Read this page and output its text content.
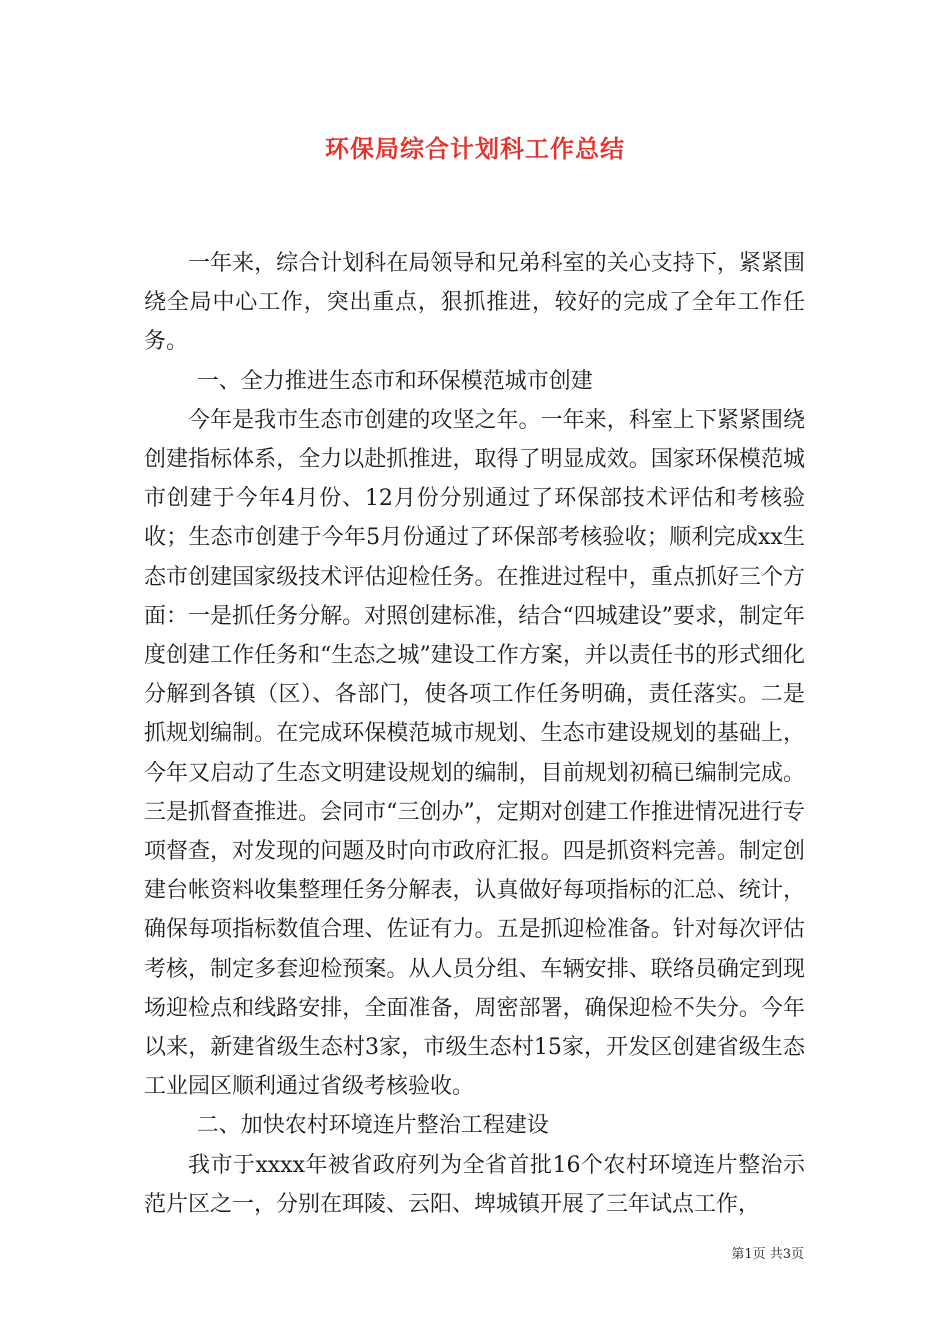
环保局综合计划科工作总结

一年来，综合计划科在局领导和兄弟科室的关心支持下，紧紧围绕全局中心工作，突出重点，狠抓推进，较好的完成了全年工作任务。

一、全力推进生态市和环保模范城市创建

今年是我市生态市创建的攻坚之年。一年来，科室上下紧紧围绕创建指标体系，全力以赴抓推进，取得了明显成效。国家环保模范城市创建于今年4月份、12月份分别通过了环保部技术评估和考核验收；生态市创建于今年5月份通过了环保部考核验收；顺利完成xx生态市创建国家级技术评估迎检任务。在推进过程中，重点抓好三个方面：一是抓任务分解。对照创建标准，结合“四城建设”要求，制定年度创建工作任务和“生态之城”建设工作方案，并以责任书的形式细化分解到各镇（区）、各部门，使各项工作任务明确，责任落实。二是抓规划编制。在完成环保模范城市规划、生态市建设规划的基础上，今年又启动了生态文明建设规划的编制，目前规划初稿已编制完成。三是抓督查推进。会同市“三创办”，定期对创建工作推进情况进行专项督查，对发现的问题及时向市政府汇报。四是抓资料完善。制定创建台帐资料收集整理任务分解表，认真做好每项指标的汇总、统计，确保每项指标数值合理、佐证有力。五是抓迎检准备。针对每次评估考核，制定多套迎检预案。从人员分组、车辆安排、联络员确定到现场迎检点和线路安排，全面准备，周密部署，确保迎检不失分。今年以来，新建省级生态村3家，市级生态村15家，开发区创建省级生态工业园区顺利通过省级考核验收。

二、加快农村环境连片整治工程建设

我市于xxxx年被省政府列为全省首批16个农村环境连片整治示范片区之一，分别在珥陵、云阳、埤城镇开展了三年试点工作，

第1页 共3页
